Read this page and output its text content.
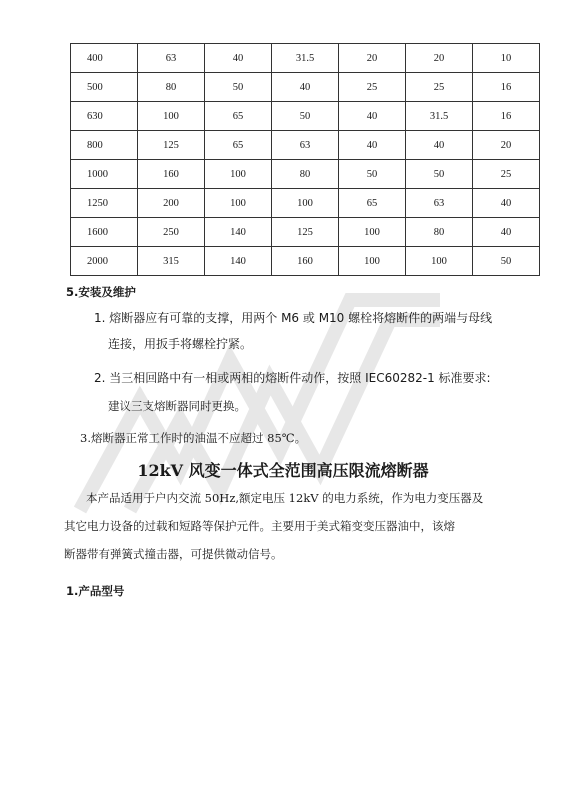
400	63	40	31.5	20	20	10
500	80	50	40	25	25	16
630	100	65	50	40	31.5	16
800	125	65	63	40	40	20
1000	160	100	80	50	50	25
1250	200	100	100	65	63	40
1600	250	140	125	100	80	40
2000	315	140	160	100	100	50
5.安装及维护
1. 熔断器应有可靠的支撑，用两个 M6 或 M10 螺栓将熔断件的两端与母线
连接，用扳手将螺栓拧紧。
2. 当三相回路中有一相或两相的熔断件动作，按照 IEC60282-1 标准要求:
建议三支熔断器同时更换。
3.熔断器正常工作时的油温不应超过 85℃。
12kV 风变一体式全范围高压限流熔断器
本产品适用于户内交流 50Hz,额定电压 12kV 的电力系统，作为电力变压器及
其它电力设备的过载和短路等保护元件。主要用于美式箱变变压器油中，该熔
断器带有弹簧式撞击器，可提供微动信号。
1.产品型号
